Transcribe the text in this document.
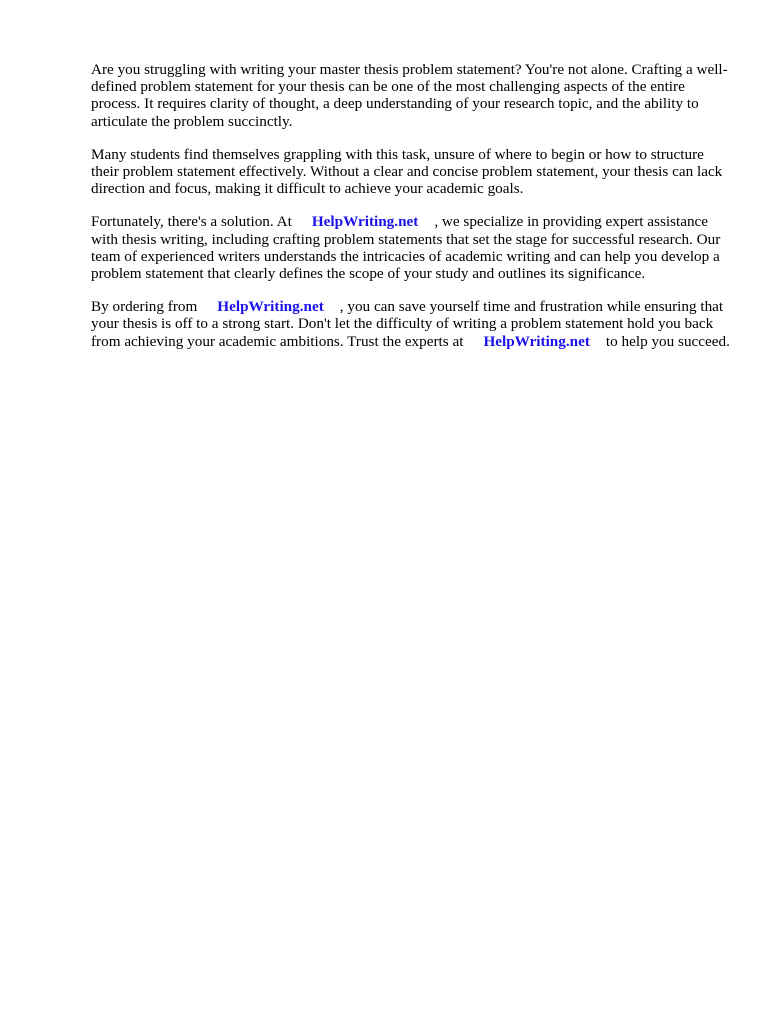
Are you struggling with writing your master thesis problem statement? You're not alone. Crafting a well-defined problem statement for your thesis can be one of the most challenging aspects of the entire process. It requires clarity of thought, a deep understanding of your research topic, and the ability to articulate the problem succinctly.

Many students find themselves grappling with this task, unsure of where to begin or how to structure their problem statement effectively. Without a clear and concise problem statement, your thesis can lack direction and focus, making it difficult to achieve your academic goals.

Fortunately, there's a solution. At HelpWriting.net , we specialize in providing expert assistance with thesis writing, including crafting problem statements that set the stage for successful research. Our team of experienced writers understands the intricacies of academic writing and can help you develop a problem statement that clearly defines the scope of your study and outlines its significance.

By ordering from HelpWriting.net , you can save yourself time and frustration while ensuring that your thesis is off to a strong start. Don't let the difficulty of writing a problem statement hold you back from achieving your academic ambitions. Trust the experts at HelpWriting.net to help you succeed.
